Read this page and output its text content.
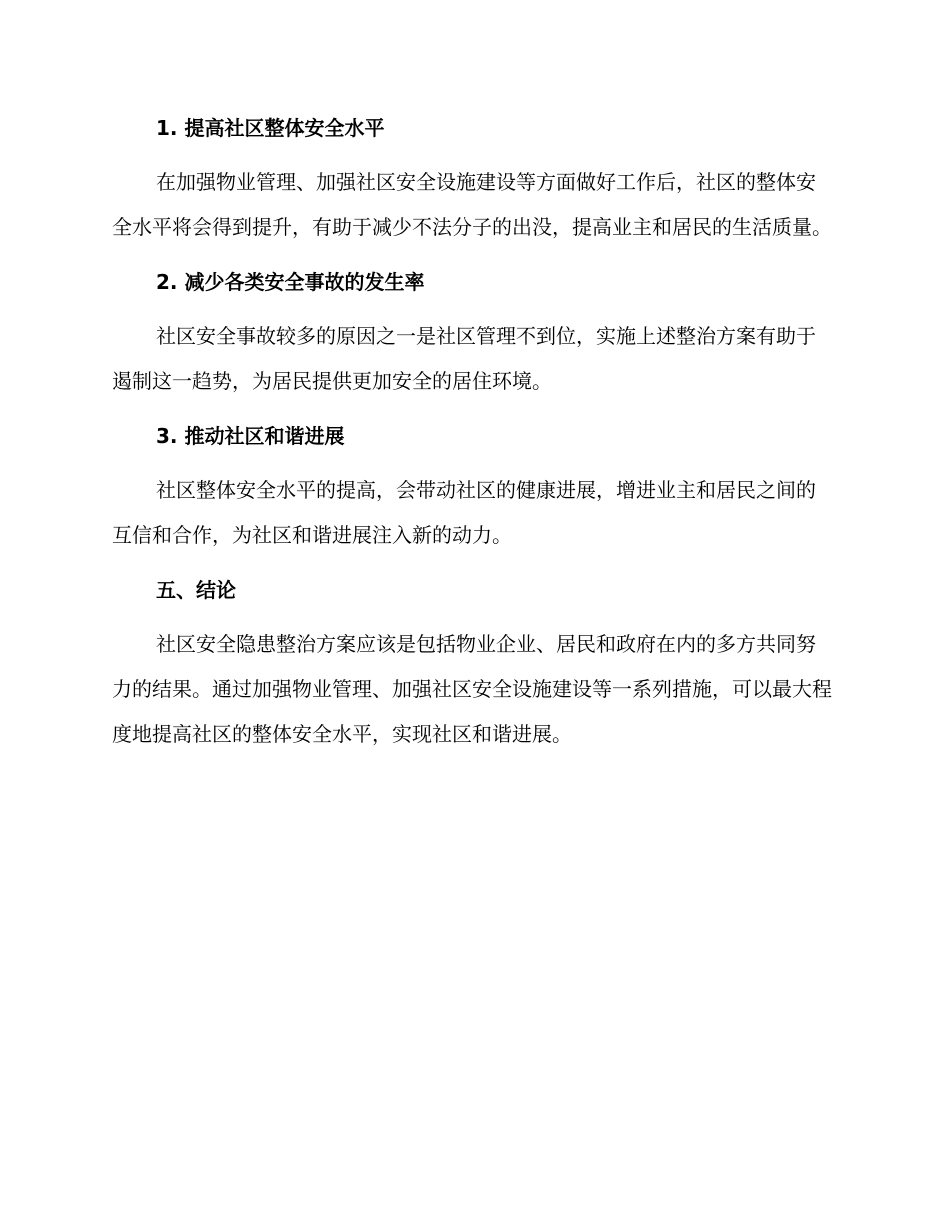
1. 提高社区整体安全水平

在加强物业管理、加强社区安全设施建设等方面做好工作后，社区的整体安全水平将会得到提升，有助于减少不法分子的出没，提高业主和居民的生活质量。

2. 减少各类安全事故的发生率

社区安全事故较多的原因之一是社区管理不到位，实施上述整治方案有助于遏制这一趋势，为居民提供更加安全的居住环境。

3. 推动社区和谐进展

社区整体安全水平的提高，会带动社区的健康进展，增进业主和居民之间的互信和合作，为社区和谐进展注入新的动力。

五、结论

社区安全隐患整治方案应该是包括物业企业、居民和政府在内的多方共同努力的结果。通过加强物业管理、加强社区安全设施建设等一系列措施，可以最大程度地提高社区的整体安全水平，实现社区和谐进展。
